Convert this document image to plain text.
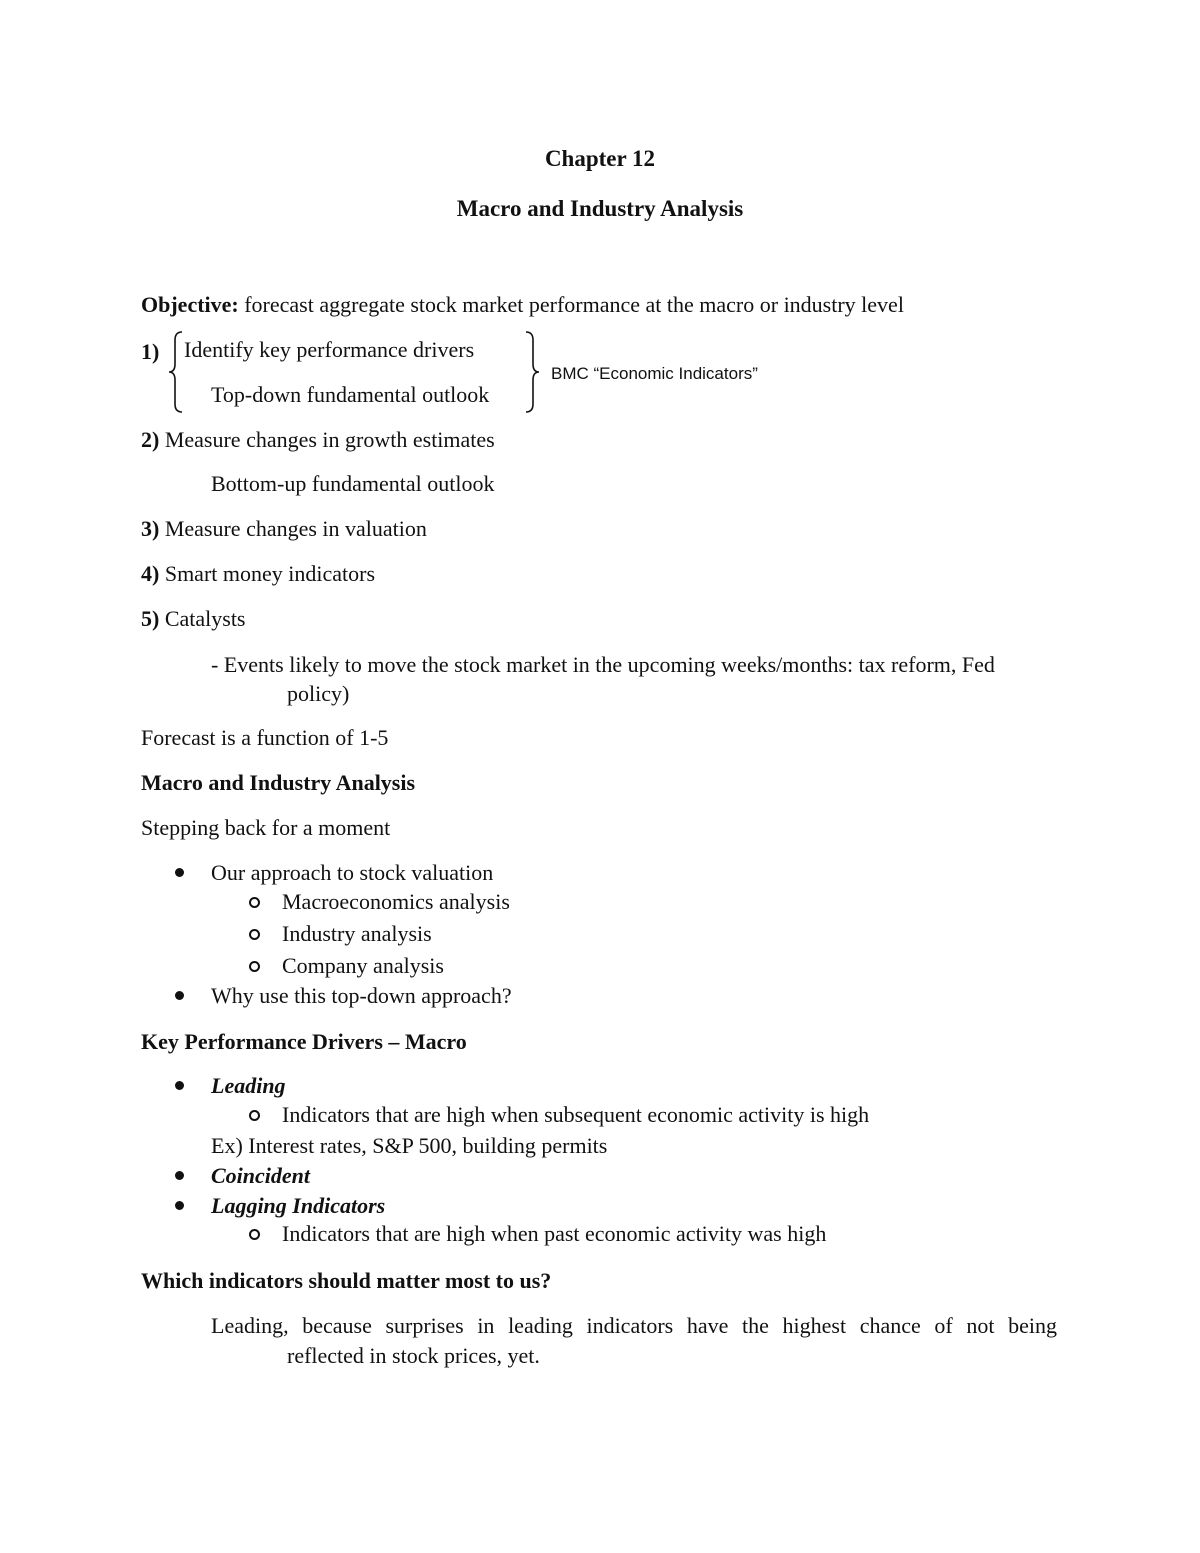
Chapter 12
Macro and Industry Analysis
Objective: forecast aggregate stock market performance at the macro or industry level
1) Identify key performance drivers
Top-down fundamental outlook
BMC “Economic Indicators”
2) Measure changes in growth estimates
Bottom-up fundamental outlook
3) Measure changes in valuation
4) Smart money indicators
5) Catalysts
- Events likely to move the stock market in the upcoming weeks/months: tax reform, Fed
policy)
Forecast is a function of 1-5
Macro and Industry Analysis
Stepping back for a moment
Our approach to stock valuation
Macroeconomics analysis
Industry analysis
Company analysis
Why use this top-down approach?
Key Performance Drivers – Macro
Leading
Indicators that are high when subsequent economic activity is high
Ex) Interest rates, S&P 500, building permits
Coincident
Lagging Indicators
Indicators that are high when past economic activity was high
Which indicators should matter most to us?
Leading, because surprises in leading indicators have the highest chance of not being
reflected in stock prices, yet.
